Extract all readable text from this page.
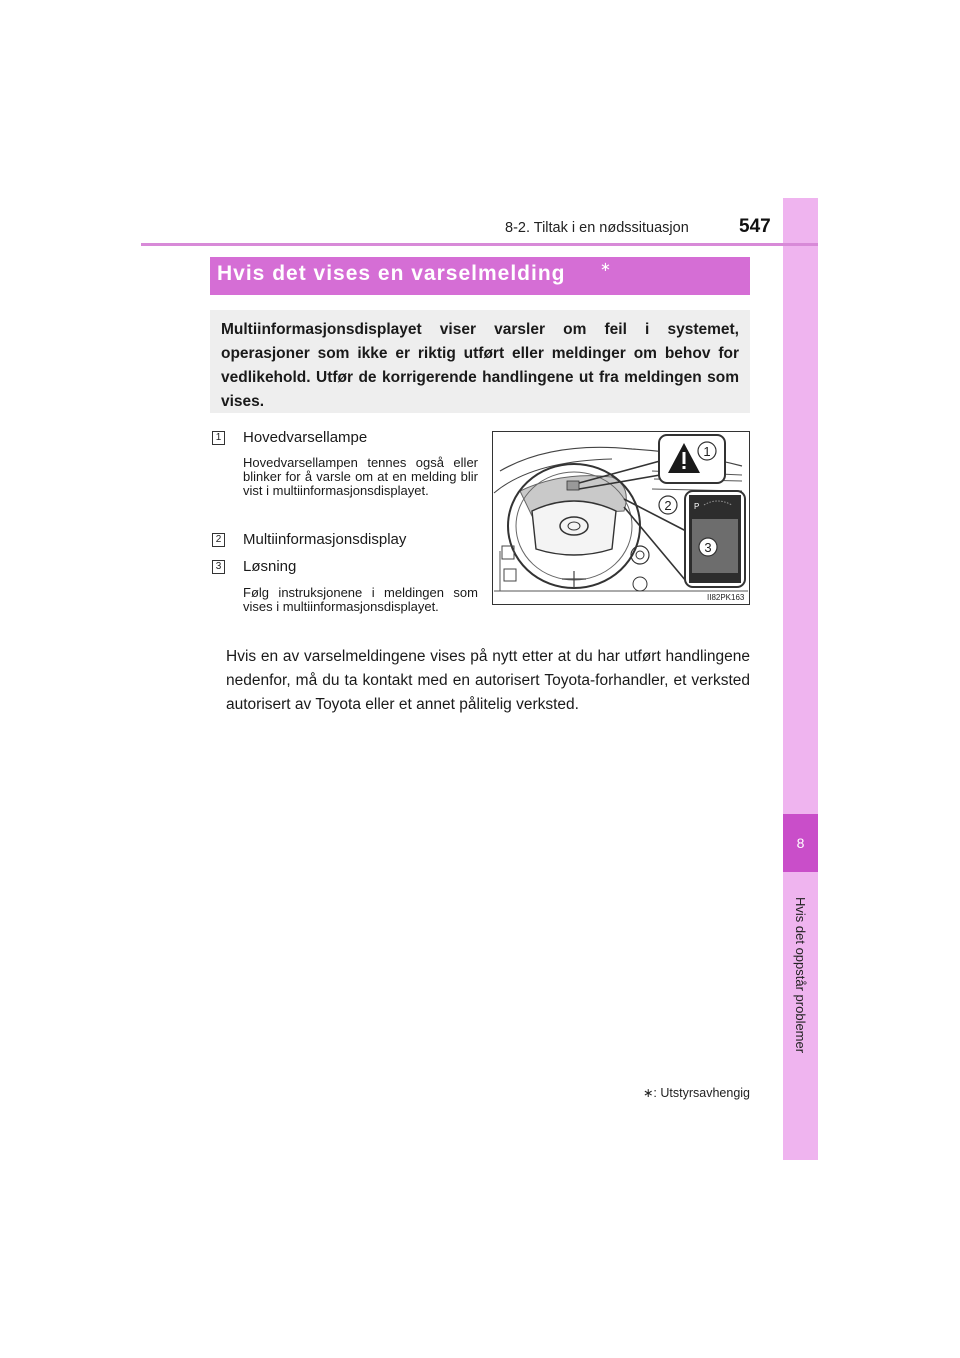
8
Hvis det oppstår problemer
8-2. Tiltak i en nødssituasjon	547
Hvis det vises en varselmelding	∗

Multiinformasjonsdisplayet viser varsler om feil i systemet, operasjoner som ikke er riktig utført eller meldinger om behov for vedlikehold. Utfør de korrigerende handlingene ut fra meldingen som vises.

1 Hovedvarsellampe
Hovedvarsellampen tennes også eller blinker for å varsle om at en melding blir vist i multiinformasjonsdisplayet.
2 Multiinformasjonsdisplay
3 Løsning
Følg instruksjonene i meldingen som vises i multiinformasjonsdisplayet.
1
P
2
3
II82PK163
Hvis en av varselmeldingene vises på nytt etter at du har utført handlingene nedenfor, må du ta kontakt med en autorisert Toyota-forhandler, et verksted autorisert av Toyota eller et annet pålitelig verksted.
∗: Utstyrsavhengig
